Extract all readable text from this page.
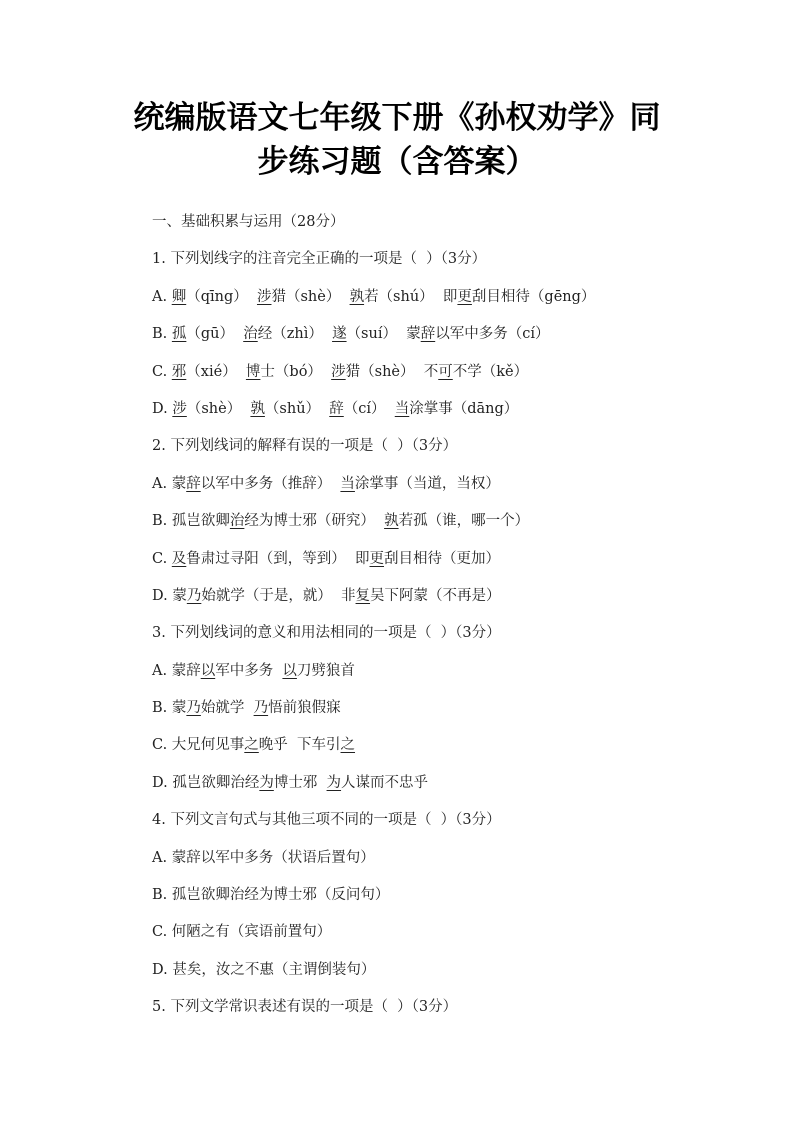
统编版语文七年级下册《孙权劝学》同
步练习题（含答案）
一、基础积累与运用（28分）
1. 下列划线字的注音完全正确的一项是（  ）（3分）
A. 卿（qīng）  涉猎（shè）  孰若（shú）  即更刮目相待（gēng）
B. 孤（gū）  治经（zhì）  遂（suí）  蒙辞以军中多务（cí）
C. 邪（xié）  博士（bó）  涉猎（shè）  不可不学（kě）
D. 涉（shè）  孰（shǔ）  辞（cí）  当涂掌事（dāng）
2. 下列划线词的解释有误的一项是（  ）（3分）
A. 蒙辞以军中多务（推辞）  当涂掌事（当道，当权）
B. 孤岂欲卿治经为博士邪（研究）  孰若孤（谁，哪一个）
C. 及鲁肃过寻阳（到，等到）  即更刮目相待（更加）
D. 蒙乃始就学（于是，就）  非复吴下阿蒙（不再是）
3. 下列划线词的意义和用法相同的一项是（  ）（3分）
A. 蒙辞以军中多务  以刀劈狼首
B. 蒙乃始就学  乃悟前狼假寐
C. 大兄何见事之晚乎  下车引之
D. 孤岂欲卿治经为博士邪  为人谋而不忠乎
4. 下列文言句式与其他三项不同的一项是（  ）（3分）
A. 蒙辞以军中多务（状语后置句）
B. 孤岂欲卿治经为博士邪（反问句）
C. 何陋之有（宾语前置句）
D. 甚矣，汝之不惠（主谓倒装句）
5. 下列文学常识表述有误的一项是（  ）（3分）
